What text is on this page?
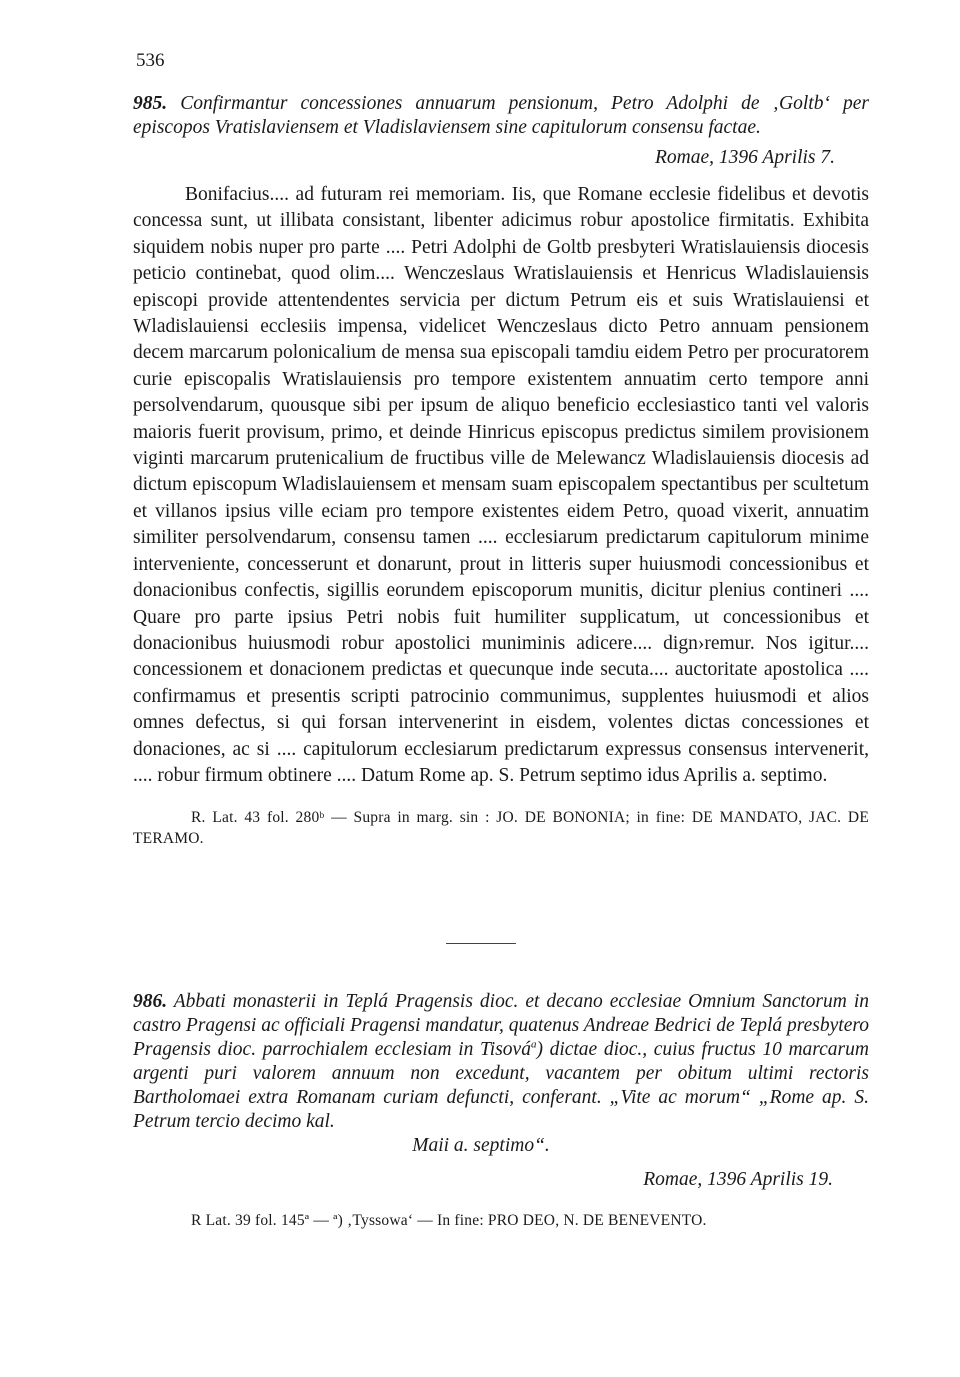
536
985. Confirmantur concessiones annuarum pensionum, Petro Adolphi de ‚Goltb‘ per episcopos Vratislaviensem et Vladislaviensem sine capitulorum consensu factae.
Romae, 1396 Aprilis 7.
Bonifacius.... ad futuram rei memoriam. Iis, que Romane ecclesie fidelibus et devotis concessa sunt, ut illibata consistant, libenter adicimus robur apostolice firmitatis. Exhibita siquidem nobis nuper pro parte .... Petri Adolphi de Goltb presbyteri Wratislauiensis diocesis peticio continebat, quod olim.... Wenczeslaus Wratislauiensis et Henricus Wladislauiensis episcopi provide attentendentes servicia per dictum Petrum eis et suis Wratislauiensi et Wladislauiensi ecclesiis impensa, videlicet Wenczeslaus dicto Petro annuam pensionem decem marcarum polonicalium de mensa sua episcopali tamdiu eidem Petro per procuratorem curie episcopalis Wratislauiensis pro tempore existentem annuatim certo tempore anni persolvendarum, quousque sibi per ipsum de aliquo beneficio ecclesiastico tanti vel valoris maioris fuerit provisum, primo, et deinde Hinricus episcopus predictus similem provisionem viginti marcarum prutenicalium de fructibus ville de Melewancz Wladislauiensis diocesis ad dictum episcopum Wladislauiensem et mensam suam episcopalem spectantibus per scultetum et villanos ipsius ville eciam pro tempore existentes eidem Petro, quoad vixerit, annuatim similiter persolvendarum, consensu tamen .... ecclesiarum predictarum capitulorum minime interveniente, concesserunt et donarunt, prout in litteris super huiusmodi concessionibus et donacionibus confectis, sigillis eorundem episcoporum munitis, dicitur plenius contineri .... Quare pro parte ipsius Petri nobis fuit humiliter supplicatum, ut concessionibus et donacionibus huiusmodi robur apostolici muniminis adicere.... dign›remur. Nos igitur.... concessionem et donacionem predictas et quecunque inde secuta.... auctoritate apostolica .... confirmamus et presentis scripti patrocinio communimus, supplentes huiusmodi et alios omnes defectus, si qui forsan intervenerint in eisdem, volentes dictas concessiones et donaciones, ac si .... capitulorum ecclesiarum predictarum expressus consensus intervenerit, .... robur firmum obtinere .... Datum Rome ap. S. Petrum septimo idus Aprilis a. septimo.
R. Lat. 43 fol. 280ᵇ — Supra in marg. sin : JO. DE BONONIA; in fine: DE MANDATO, JAC. DE TERAMO.
986. Abbati monasterii in Teplá Pragensis dioc. et decano ecclesiae Omnium Sanctorum in castro Pragensi ac officiali Pragensi mandatur, quatenus Andreae Bedrici de Teplá presbytero Pragensis dioc. parrochialem ecclesiam in Tisová$^a$) dictae dioc., cuius fructus 10 marcarum argenti puri valorem annuum non excedunt, vacantem per obitum ultimi rectoris Bartholomaei extra Romanam curiam defuncti, conferant. „Vite ac morum“ „Rome ap. S. Petrum tercio decimo kal.
Maii a. septimo“.
Romae, 1396 Aprilis 19.
R Lat. 39 fol. 145ª — ª) ‚Tyssowa‘ — In fine: PRO DEO, N. DE BENEVENTO.
